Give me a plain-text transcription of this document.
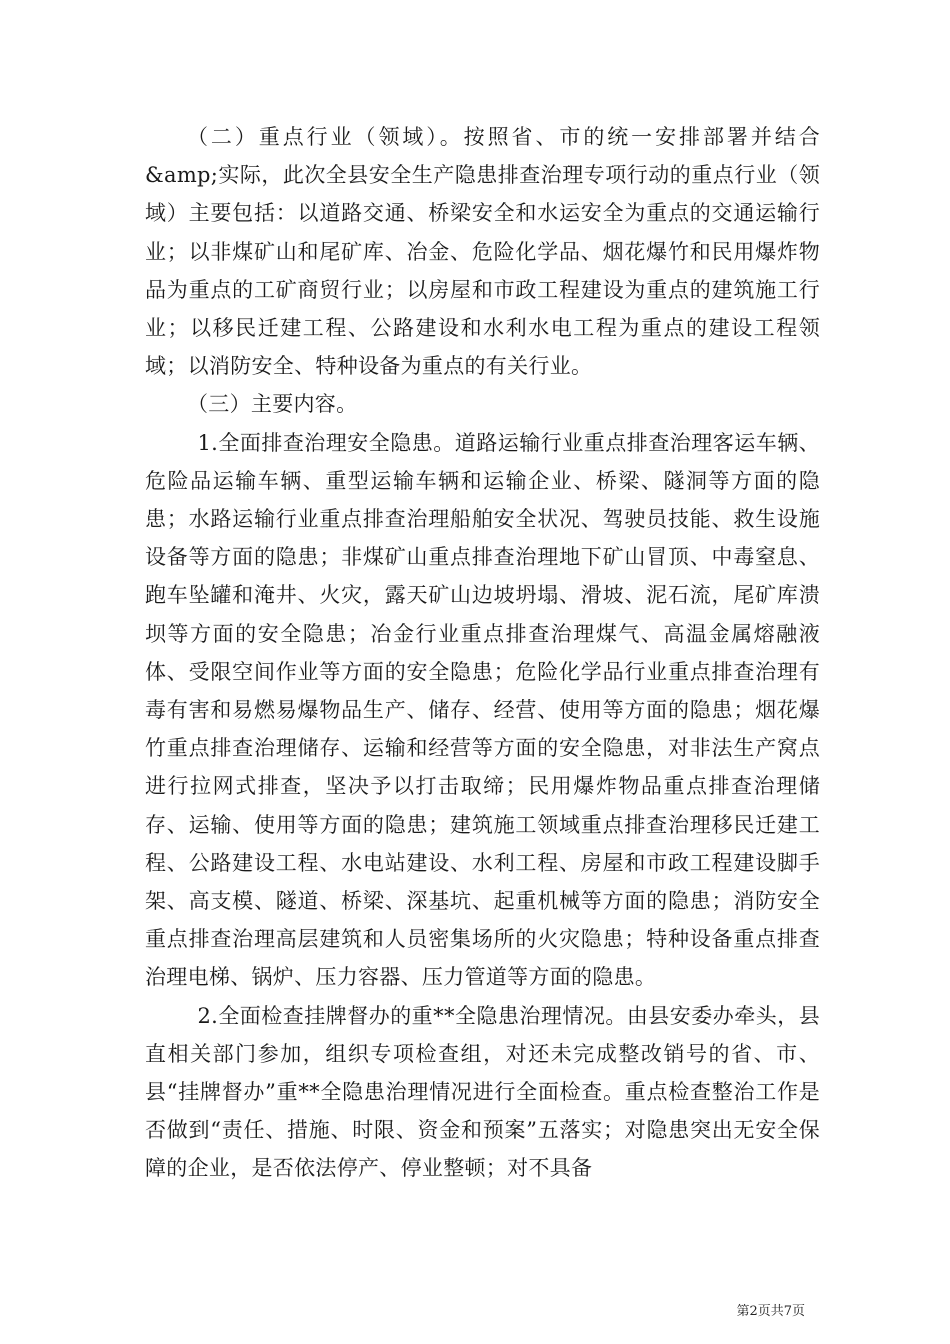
（二）重点行业（领域）。按照省、市的统一安排部署并结合&amp;实际，此次全县安全生产隐患排查治理专项行动的重点行业（领域）主要包括：以道路交通、桥梁安全和水运安全为重点的交通运输行业；以非煤矿山和尾矿库、冶金、危险化学品、烟花爆竹和民用爆炸物品为重点的工矿商贸行业；以房屋和市政工程建设为重点的建筑施工行业；以移民迁建工程、公路建设和水利水电工程为重点的建设工程领域；以消防安全、特种设备为重点的有关行业。

（三）主要内容。

1.全面排查治理安全隐患。道路运输行业重点排查治理客运车辆、危险品运输车辆、重型运输车辆和运输企业、桥梁、隧洞等方面的隐患；水路运输行业重点排查治理船舶安全状况、驾驶员技能、救生设施设备等方面的隐患；非煤矿山重点排查治理地下矿山冒顶、中毒窒息、跑车坠罐和淹井、火灾，露天矿山边坡坍塌、滑坡、泥石流，尾矿库溃坝等方面的安全隐患；冶金行业重点排查治理煤气、高温金属熔融液体、受限空间作业等方面的安全隐患；危险化学品行业重点排查治理有毒有害和易燃易爆物品生产、储存、经营、使用等方面的隐患；烟花爆竹重点排查治理储存、运输和经营等方面的安全隐患，对非法生产窝点进行拉网式排查，坚决予以打击取缔；民用爆炸物品重点排查治理储存、运输、使用等方面的隐患；建筑施工领域重点排查治理移民迁建工程、公路建设工程、水电站建设、水利工程、房屋和市政工程建设脚手架、高支模、隧道、桥梁、深基坑、起重机械等方面的隐患；消防安全重点排查治理高层建筑和人员密集场所的火灾隐患；特种设备重点排查治理电梯、锅炉、压力容器、压力管道等方面的隐患。

2.全面检查挂牌督办的重**全隐患治理情况。由县安委办牵头，县直相关部门参加，组织专项检查组，对还未完成整改销号的省、市、县“挂牌督办”重**全隐患治理情况进行全面检查。重点检查整治工作是否做到“责任、措施、时限、资金和预案”五落实；对隐患突出无安全保障的企业，是否依法停产、停业整顿；对不具备

第2页共7页
